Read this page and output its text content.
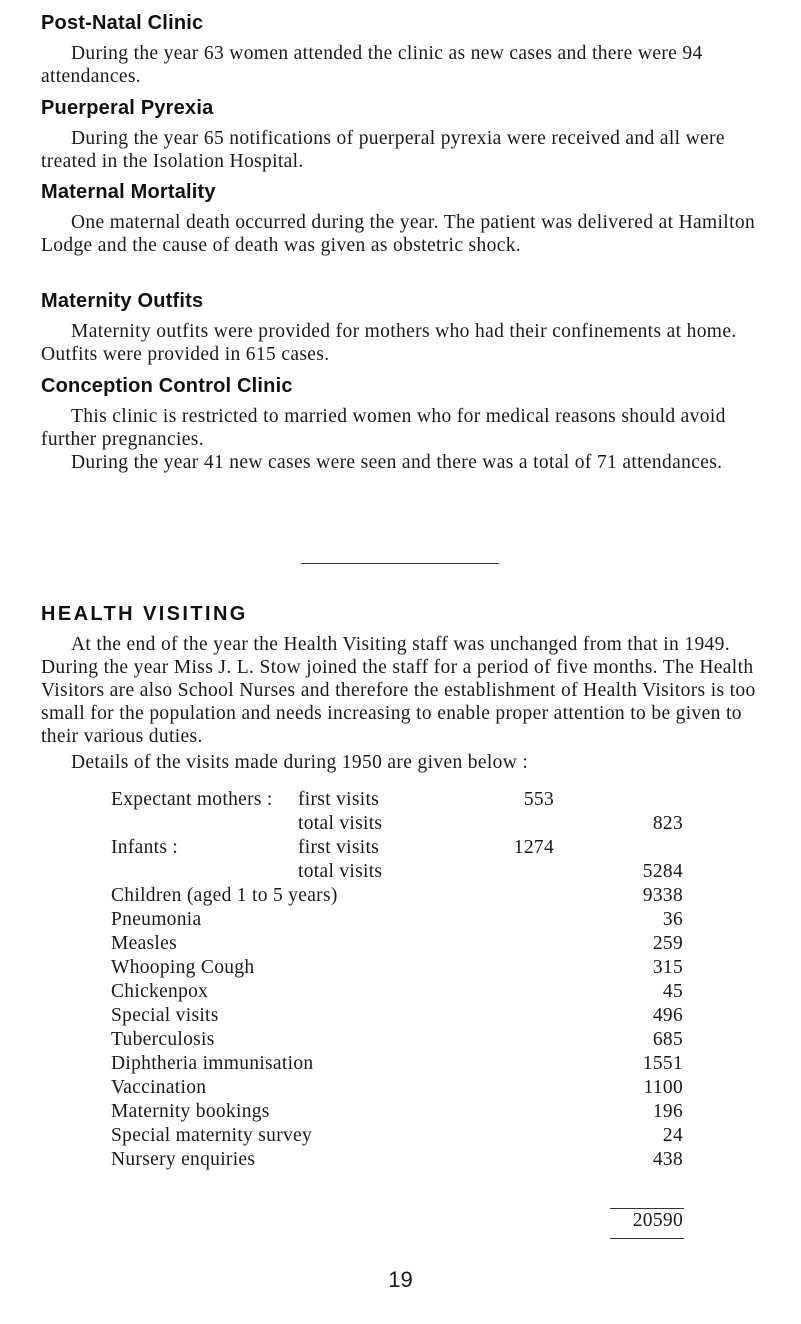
Post-Natal Clinic

During the year 63 women attended the clinic as new cases and there were 94 attendances.

Puerperal Pyrexia

During the year 65 notifications of puerperal pyrexia were received and all were treated in the Isolation Hospital.

Maternal Mortality

One maternal death occurred during the year. The patient was delivered at Hamilton Lodge and the cause of death was given as obstetric shock.

Maternity Outfits

Maternity outfits were provided for mothers who had their confinements at home. Outfits were provided in 615 cases.

Conception Control Clinic

This clinic is restricted to married women who for medical reasons should avoid further pregnancies.

During the year 41 new cases were seen and there was a total of 71 attendances.

HEALTH VISITING

At the end of the year the Health Visiting staff was unchanged from that in 1949. During the year Miss J. L. Stow joined the staff for a period of five months. The Health Visitors are also School Nurses and therefore the establishment of Health Visitors is too small for the population and needs increasing to enable proper attention to be given to their various duties.

Details of the visits made during 1950 are given below :
Expectant mothers : first visits	553
total visits	823
Infants :	first visits	1274
total visits	5284
Children (aged 1 to 5 years)	9338
Pneumonia	36
Measles	259
Whooping Cough	315
Chickenpox	45
Special visits	496
Tuberculosis	685
Diphtheria immunisation	1551
Vaccination	1100
Maternity bookings	196
Special maternity survey	24
Nursery enquiries	438
20590
19
